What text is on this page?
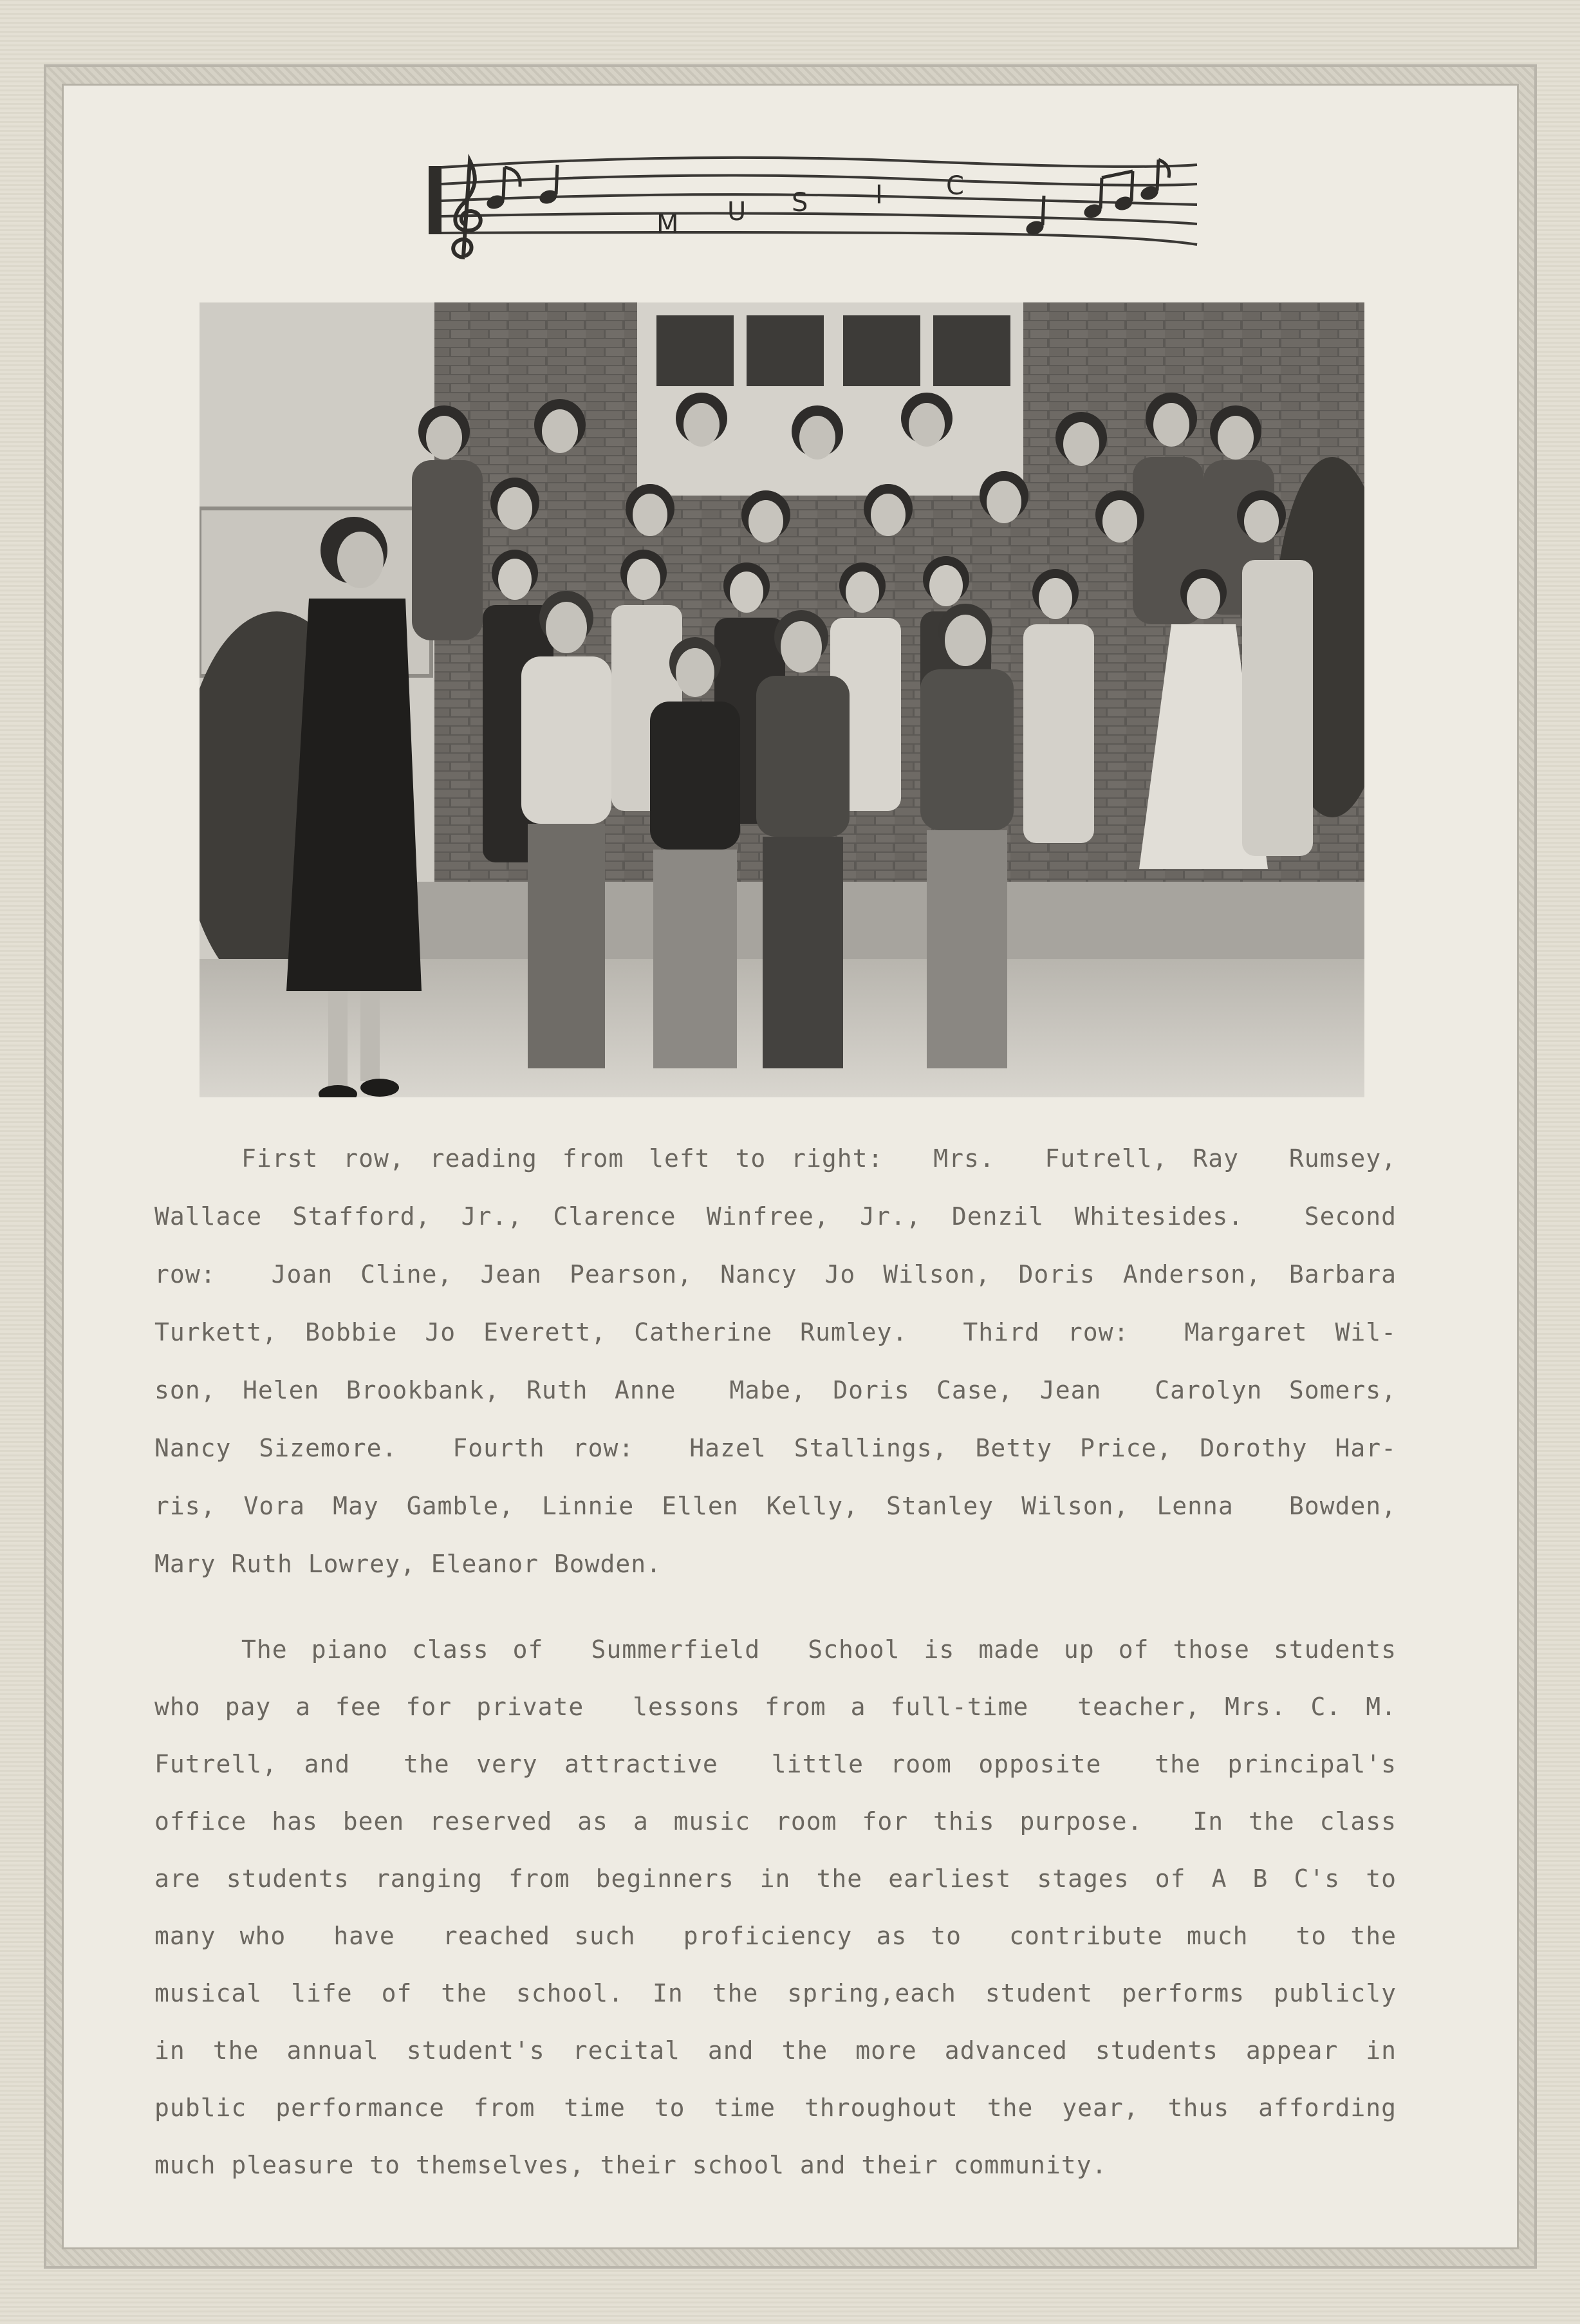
M U S	I C
First row, reading from left to right:  Mrs.  Futrell, Ray  Rumsey,
Wallace Stafford, Jr., Clarence Winfree, Jr., Denzil Whitesides.  Second
row:  Joan Cline, Jean Pearson, Nancy Jo Wilson, Doris Anderson, Barbara
Turkett, Bobbie Jo Everett, Catherine Rumley.  Third row:  Margaret Wil-
son, Helen Brookbank, Ruth Anne  Mabe, Doris Case, Jean  Carolyn Somers,
Nancy Sizemore.  Fourth row:  Hazel Stallings, Betty Price, Dorothy Har-
ris, Vora May Gamble, Linnie Ellen Kelly, Stanley Wilson, Lenna  Bowden,
Mary Ruth Lowrey, Eleanor Bowden.
The piano class of  Summerfield  School is made up of those students
who pay a fee for private  lessons from a full-time  teacher, Mrs. C. M.
Futrell, and  the very attractive  little room opposite  the principal's
office has been reserved as a music room for this purpose.  In the class
are students ranging from beginners in the earliest stages of A B C's to
many who  have  reached such  proficiency as to  contribute much  to the
musical life of the school. In the spring,each student performs publicly
in the annual student's recital and the more advanced students appear in
public performance from time to time throughout the year, thus affording
much pleasure to themselves, their school and their community.
